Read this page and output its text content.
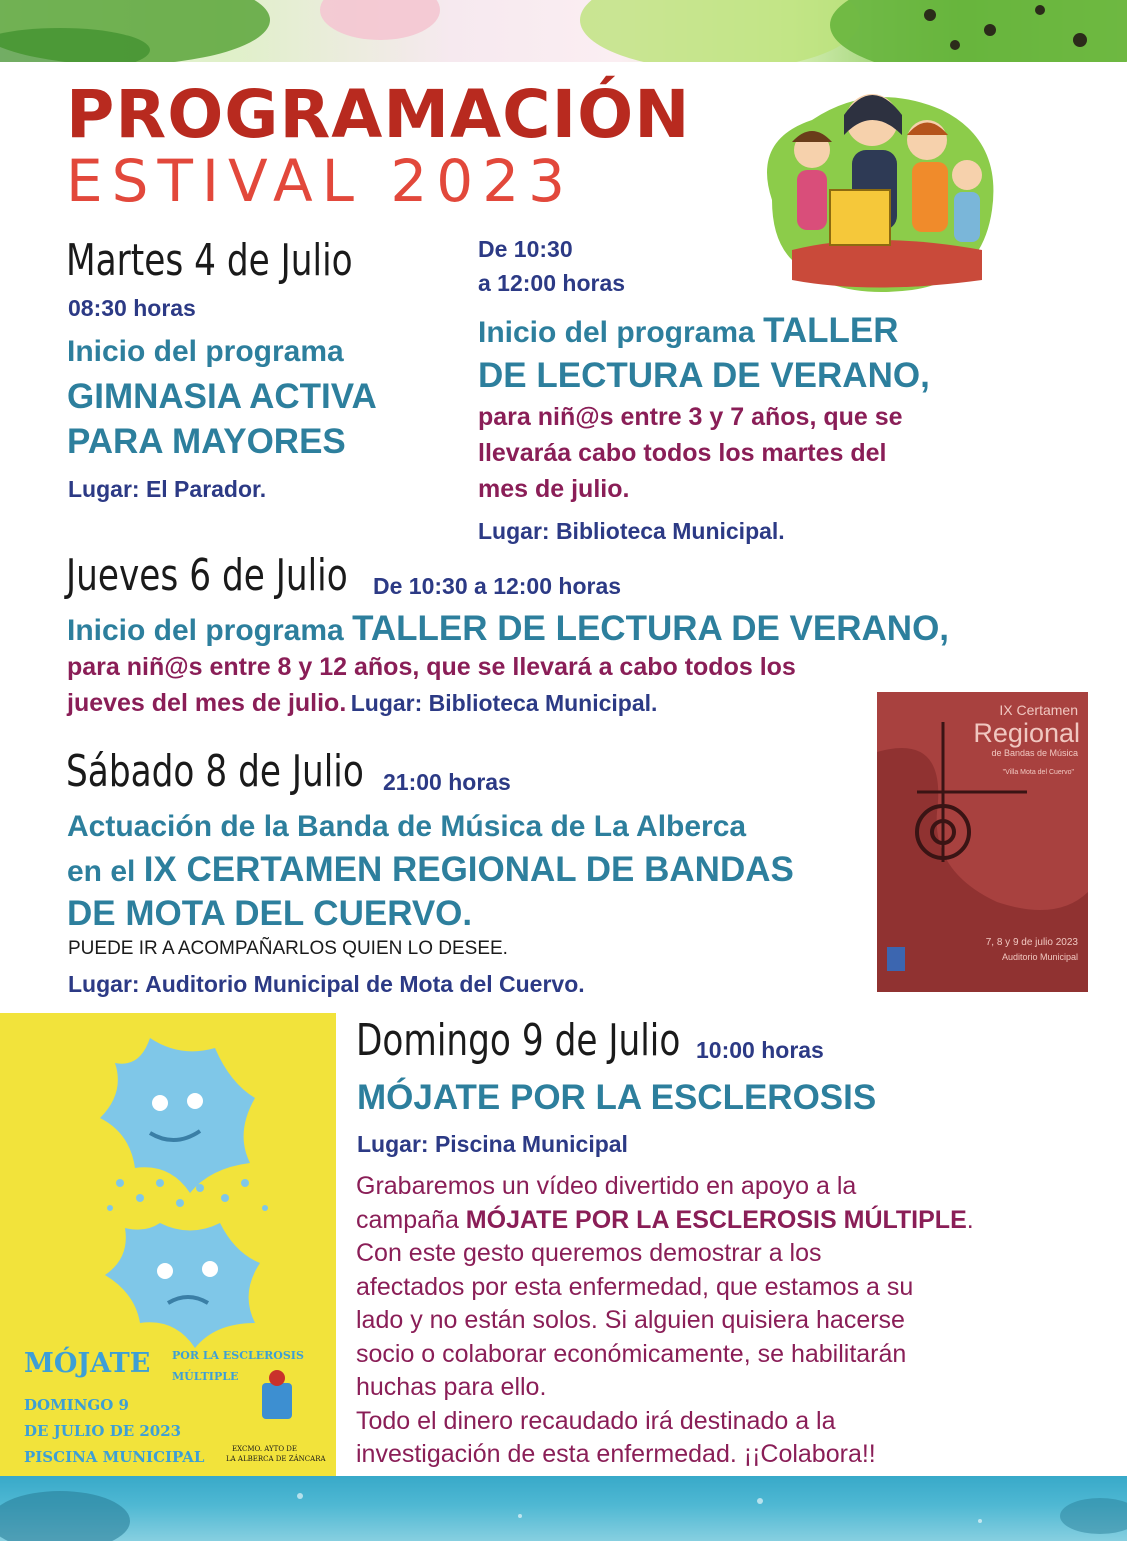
PROGRAMACIÓN
ESTIVAL 2023
Martes 4 de Julio
08:30 horas
Inicio del programa
GIMNASIA ACTIVA
PARA MAYORES
Lugar: El Parador.
De 10:30
a 12:00 horas
Inicio del programa TALLER
DE LECTURA DE VERANO,
para niñ@s entre 3 y 7 años, que se
llevaráa cabo todos los martes del
mes de julio.
Lugar: Biblioteca Municipal.
Jueves 6 de Julio De 10:30 a 12:00 horas
Inicio del programa TALLER DE LECTURA DE VERANO,
para niñ@s entre 8 y 12 años, que se llevará a cabo todos los
jueves del mes de julio. Lugar: Biblioteca Municipal.	IX Certamen
Regional
de Bandas de Música
"Villa Mota del Cuervo"
7, 8 y 9 de julio 2023
Auditorio Municipal
Sábado 8 de Julio 21:00 horas
Actuación de la Banda de Música de La Alberca
en el IX CERTAMEN REGIONAL DE BANDAS
DE MOTA DEL CUERVO.
PUEDE IR A ACOMPAÑARLOS QUIEN LO DESEE.
Lugar: Auditorio Municipal de Mota del Cuervo.
MÓJATE POR LA ESCLEROSIS
MÚLTIPLE
DOMINGO 9
DE JULIO DE 2023
PISCINA MUNICIPAL	EXCMO. AYTO DE
LA ALBERCA DE ZÁNCARA
Domingo 9 de Julio 10:00 horas
MÓJATE POR LA ESCLEROSIS
Lugar: Piscina Municipal
Grabaremos un vídeo divertido en apoyo a la
campaña MÓJATE POR LA ESCLEROSIS MÚLTIPLE.
Con este gesto queremos demostrar a los
afectados por esta enfermedad, que estamos a su
lado y no están solos. Si alguien quisiera hacerse
socio o colaborar económicamente, se habilitarán
huchas para ello.
Todo el dinero recaudado irá destinado a la
investigación de esta enfermedad. ¡¡Colabora!!
